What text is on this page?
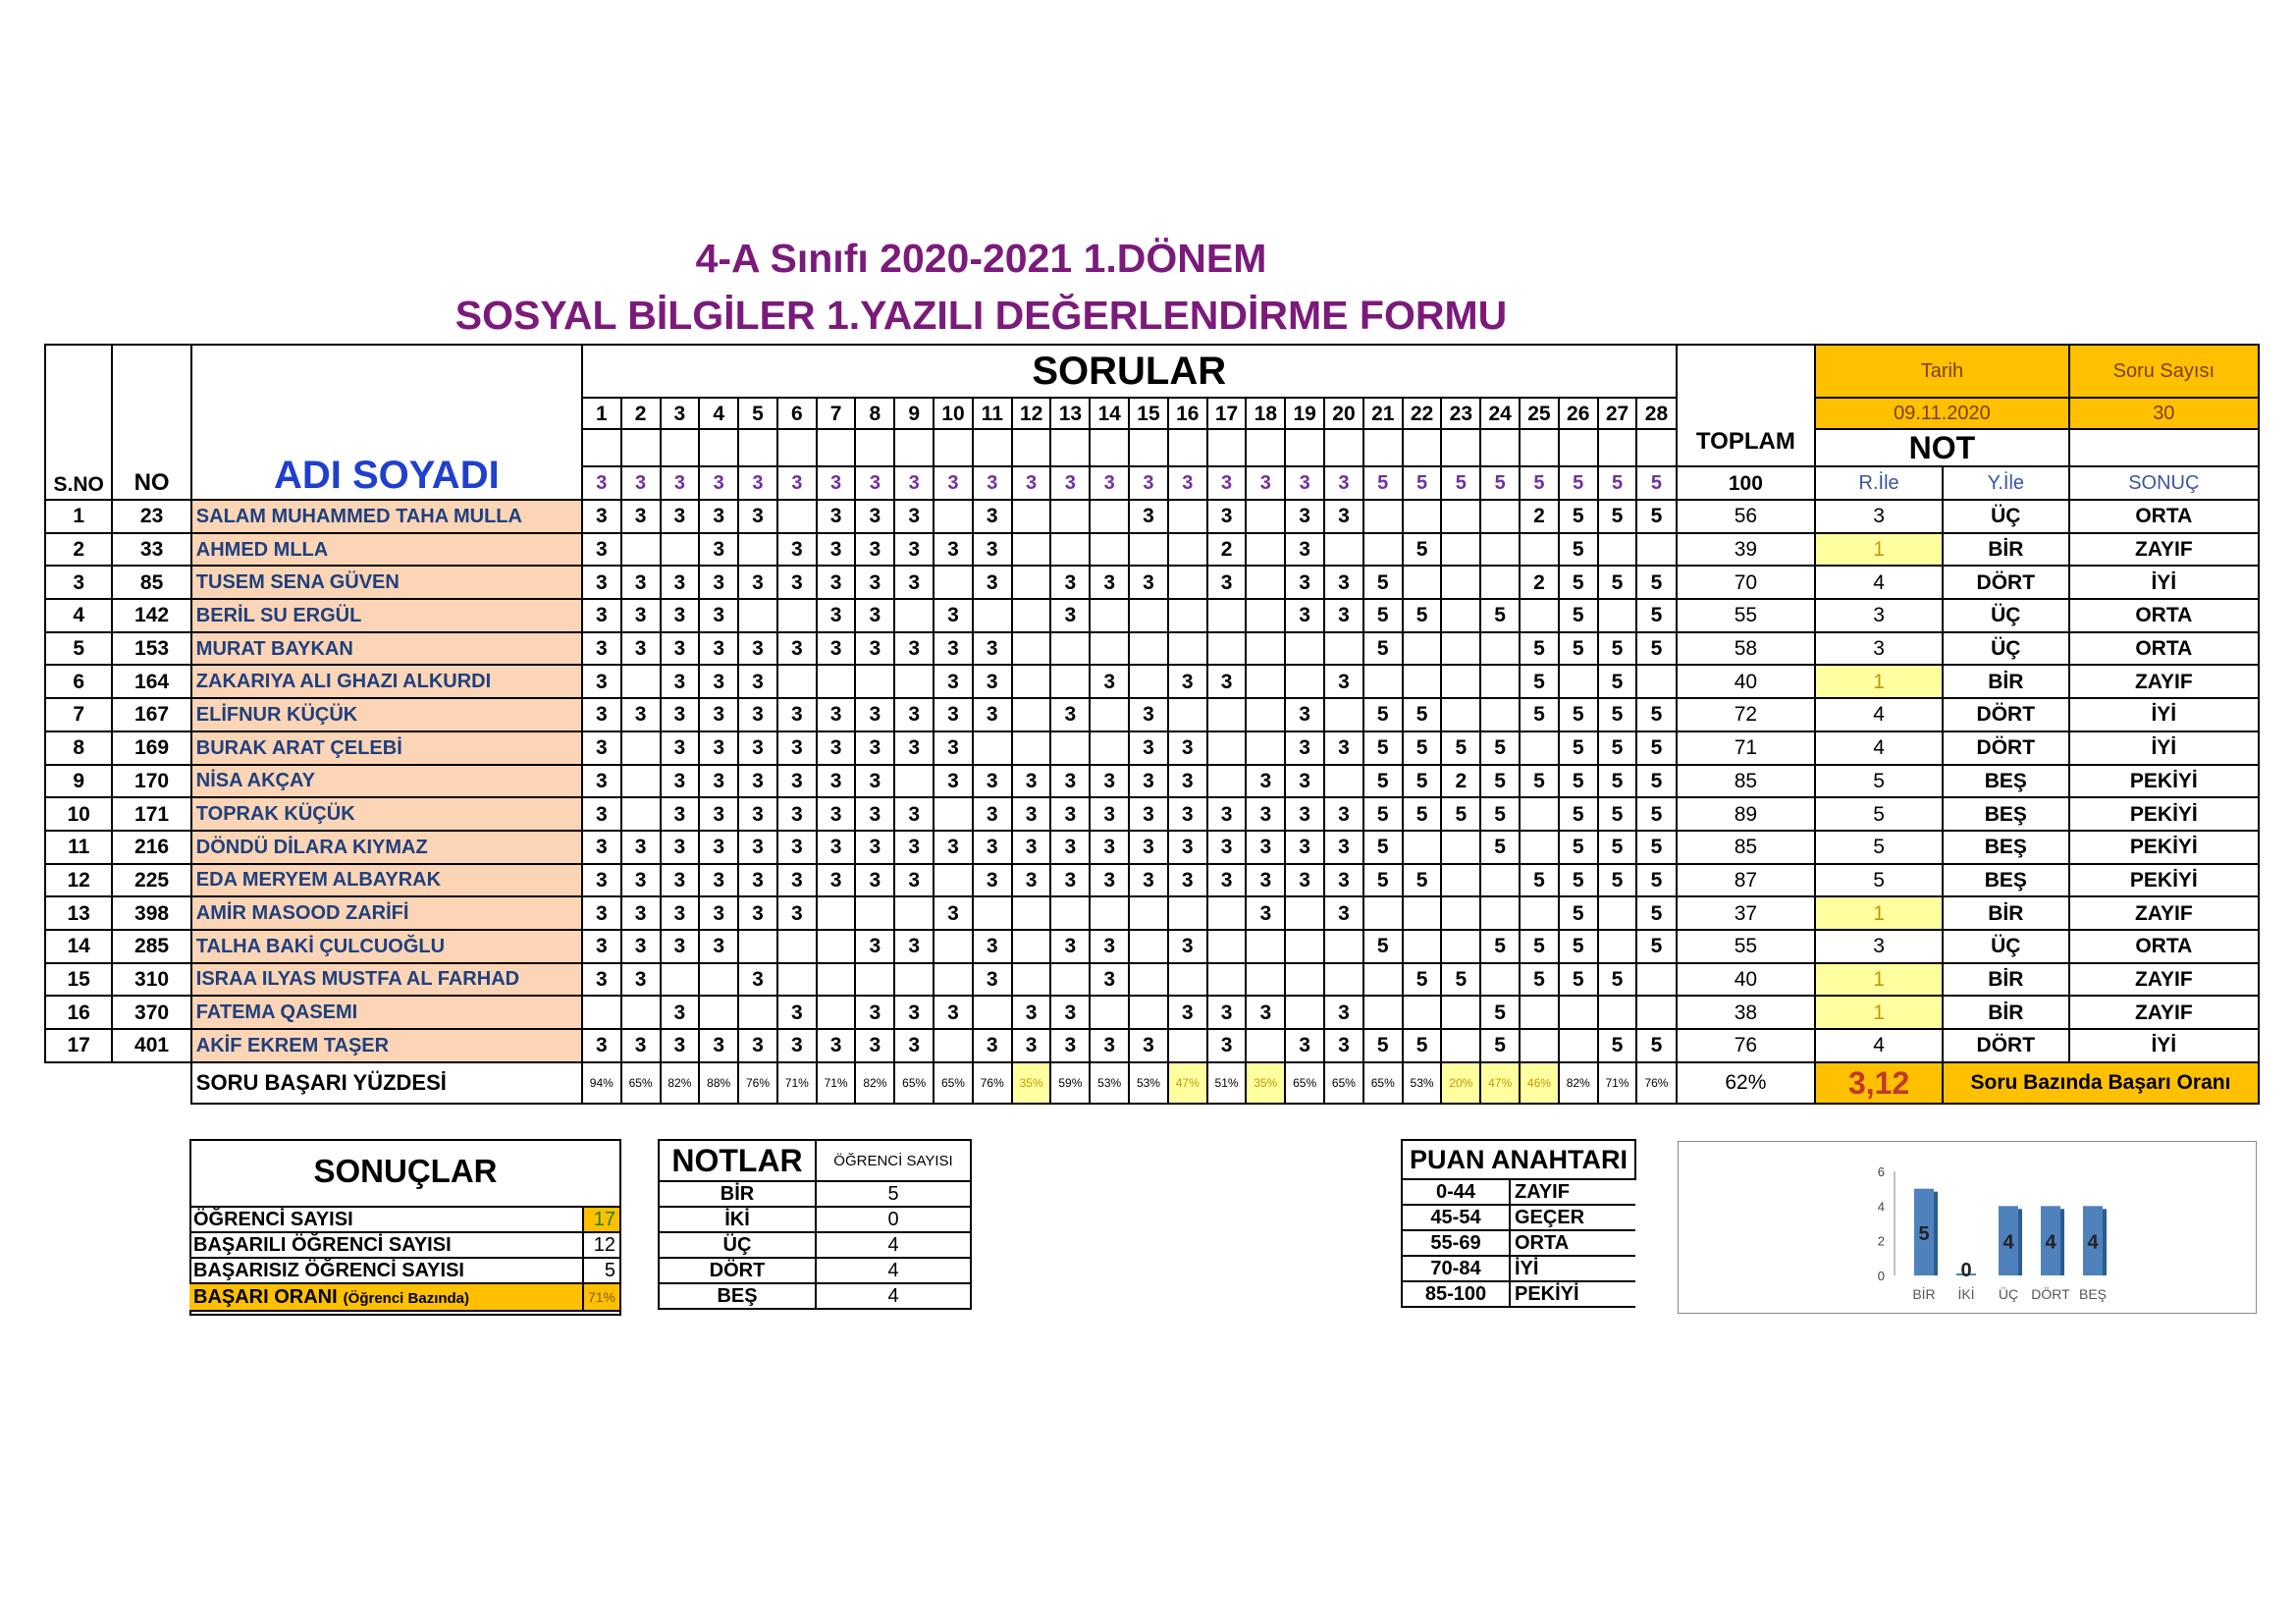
4-A Sınıfı 2020-2021 1.DÖNEM
SOSYAL BİLGİLER 1.YAZILI DEĞERLENDİRME FORMU
S.NO	NO	ADI SOYADI	SORULAR																												TOPLAM	Tarih		Soru Sayısı
			1	2	3	4	5	6	7	8	9	10	11	12	13	14	15	16	17	18	19	20	21	22	23	24	25	26	27	28		09.11.2020		30
																																NOT		
			3	3	3	3	3	3	3	3	3	3	3	3	3	3	3	3	3	3	3	3	5	5	5	5	5	5	5	5	100	R.İle	Y.İle	SONUÇ
1	23	SALAM MUHAMMED TAHA MULLA	3	3	3	3	3		3	3	3		3				3		3		3	3					2	5	5	5	56	3	ÜÇ	ORTA
2	33	AHMED MLLA	3			3		3	3	3	3	3	3						2		3			5				5			39	1	BİR	ZAYIF
3	85	TUSEM SENA GÜVEN	3	3	3	3	3	3	3	3	3		3		3	3	3		3		3	3	5				2	5	5	5	70	4	DÖRT	İYİ
4	142	BERİL SU ERGÜL	3	3	3	3			3	3		3			3						3	3	5	5		5		5		5	55	3	ÜÇ	ORTA
5	153	MURAT BAYKAN	3	3	3	3	3	3	3	3	3	3	3										5				5	5	5	5	58	3	ÜÇ	ORTA
6	164	ZAKARIYA ALI GHAZI ALKURDI	3		3	3	3					3	3			3		3	3			3					5		5		40	1	BİR	ZAYIF
7	167	ELİFNUR KÜÇÜK	3	3	3	3	3	3	3	3	3	3	3		3		3				3		5	5			5	5	5	5	72	4	DÖRT	İYİ
8	169	BURAK ARAT ÇELEBİ	3		3	3	3	3	3	3	3	3					3	3			3	3	5	5	5	5		5	5	5	71	4	DÖRT	İYİ
9	170	NİSA AKÇAY	3		3	3	3	3	3	3		3	3	3	3	3	3	3		3	3		5	5	2	5	5	5	5	5	85	5	BEŞ	PEKİYİ
10	171	TOPRAK KÜÇÜK	3		3	3	3	3	3	3	3		3	3	3	3	3	3	3	3	3	3	5	5	5	5		5	5	5	89	5	BEŞ	PEKİYİ
11	216	DÖNDÜ DİLARA KIYMAZ	3	3	3	3	3	3	3	3	3	3	3	3	3	3	3	3	3	3	3	3	5			5		5	5	5	85	5	BEŞ	PEKİYİ
12	225	EDA MERYEM ALBAYRAK	3	3	3	3	3	3	3	3	3		3	3	3	3	3	3	3	3	3	3	5	5			5	5	5	5	87	5	BEŞ	PEKİYİ
13	398	AMİR MASOOD ZARİFİ	3	3	3	3	3	3				3								3		3						5		5	37	1	BİR	ZAYIF
14	285	TALHA BAKİ ÇULCUOĞLU	3	3	3	3				3	3		3		3	3		3					5			5	5	5		5	55	3	ÜÇ	ORTA
15	310	ISRAA ILYAS MUSTFA AL FARHAD	3	3			3						3			3								5	5		5	5	5		40	1	BİR	ZAYIF
16	370	FATEMA QASEMI			3			3		3	3	3		3	3			3	3	3		3				5					38	1	BİR	ZAYIF
17	401	AKİF EKREM TAŞER	3	3	3	3	3	3	3	3	3		3	3	3	3	3		3		3	3	5	5		5			5	5	76	4	DÖRT	İYİ
		SORU BAŞARI YÜZDESİ	94%	65%	82%	88%	76%	71%	71%	82%	65%	65%	76%	35%	59%	53%	53%	47%	51%	35%	65%	65%	65%	53%	20%	47%	46%	82%	71%	76%	62%	3,12	Soru Bazında Başarı Oranı	
SONUÇLAR
ÖĞRENCİ SAYISI	17
BAŞARILI ÖĞRENCİ SAYISI	12
BAŞARISIZ ÖĞRENCİ SAYISI	5
BAŞARI ORANI (Öğrenci Bazında)	71%
NOTLAR	ÖĞRENCİ SAYISI
BİR	5
İKİ	0
ÜÇ	4
DÖRT	4
BEŞ	4
PUAN ANAHTARI	
0-44	ZAYIF
45-54	GEÇER
55-69	ORTA
70-84	İYİ
85-100	PEKİYİ
0
2
4
6
5
BİR
0
İKİ
4
ÜÇ
4
DÖRT
4
BEŞ
